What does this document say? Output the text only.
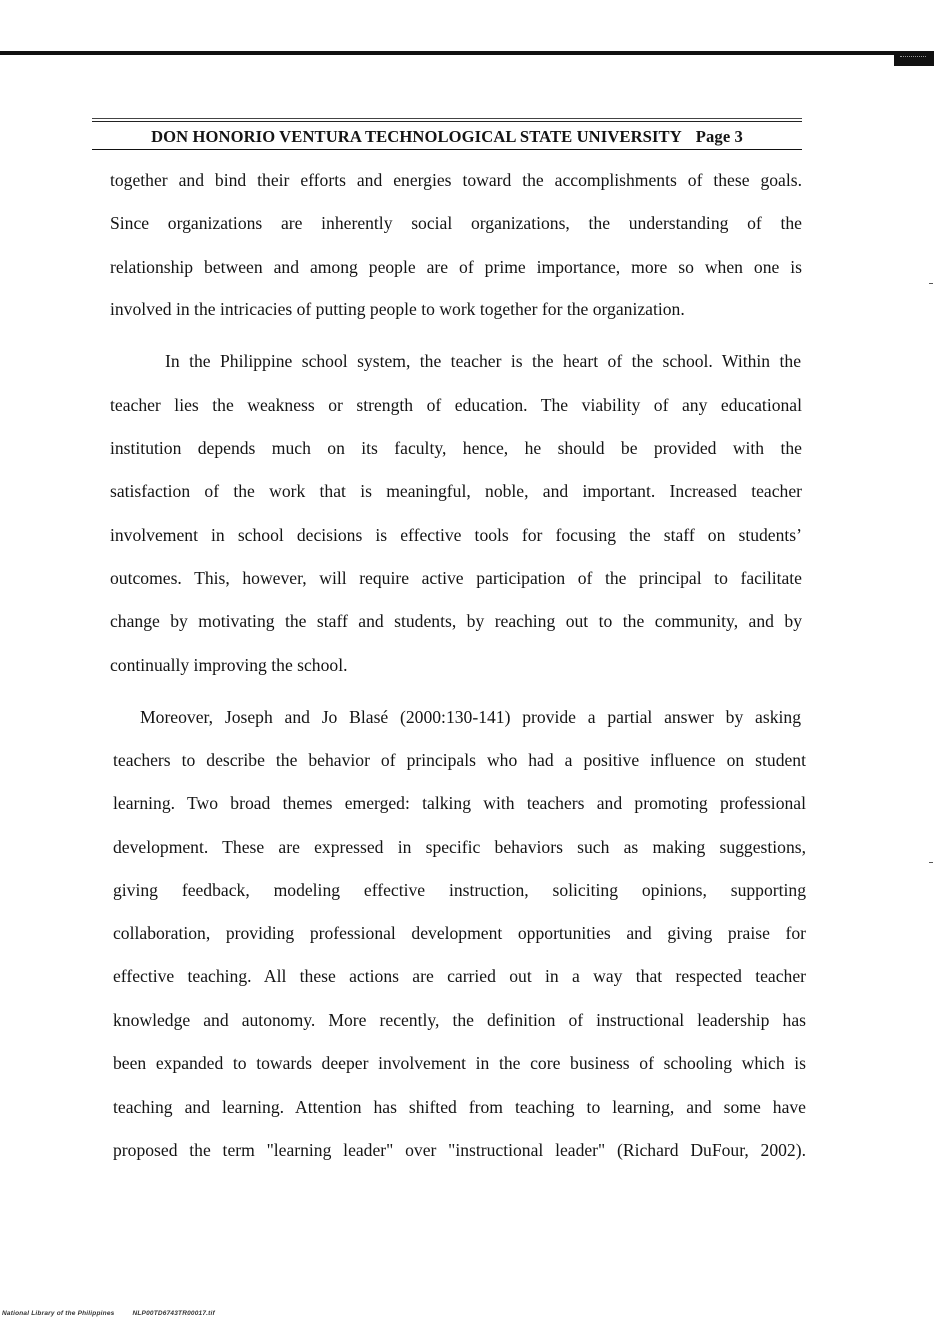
DON HONORIO VENTURA TECHNOLOGICAL STATE UNIVERSITY Page 3
together and bind their efforts and energies toward the accomplishments of these goals.
Since organizations are inherently social organizations, the understanding of the
relationship between and among people are of prime importance, more so when one is
involved in the intricacies of putting people to work together for the organization.
In the Philippine school system, the teacher is the heart of the school. Within the
teacher lies the weakness or strength of education. The viability of any educational
institution depends much on its faculty, hence, he should be provided with the
satisfaction of the work that is meaningful, noble, and important. Increased teacher
involvement in school decisions is effective tools for focusing the staff on students’
outcomes. This, however, will require active participation of the principal to facilitate
change by motivating the staff and students, by reaching out to the community, and by
continually improving the school.
Moreover, Joseph and Jo Blasé (2000:130-141) provide a partial answer by asking
teachers to describe the behavior of principals who had a positive influence on student
learning. Two broad themes emerged: talking with teachers and promoting professional
development. These are expressed in specific behaviors such as making suggestions,
giving feedback, modeling effective instruction, soliciting opinions, supporting
collaboration, providing professional development opportunities and giving praise for
effective teaching. All these actions are carried out in a way that respected teacher
knowledge and autonomy. More recently, the definition of instructional leadership has
been expanded to towards deeper involvement in the core business of schooling which is
teaching and learning. Attention has shifted from teaching to learning, and some have
proposed the term "learning leader" over "instructional leader" (Richard DuFour, 2002).
National Library of the Philippines	NLP00TD6743TR00017.tif
